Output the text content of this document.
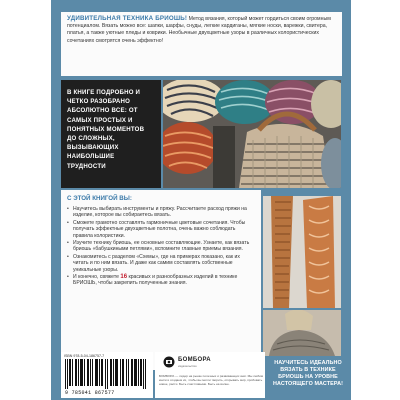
УДИВИТЕЛЬНАЯ ТЕХНИКА БРИОШЬ! Метод вязания, который может гордиться своим огромным потенциалом. Вязать можно все: шапки, шарфы, снуды, легкие кардиганы, мягкие носки, варежки, свитера, платья, а также уютные пледы и коврики. Необычные двухцветные узоры в различных колористических сочетаниях смотрятся очень эффектно!
В КНИГЕ ПОДРОБНО И ЧЕТКО РАЗОБРАНО АБСОЛЮТНО ВСЕ: ОТ САМЫХ ПРОСТЫХ И ПОНЯТНЫХ МОМЕНТОВ ДО СЛОЖНЫХ, ВЫЗЫВАЮЩИХ НАИБОЛЬШИЕ ТРУДНОСТИ
С ЭТОЙ КНИГОЙ ВЫ:
• Научитесь выбирать инструменты и пряжу. Рассчитаете расход пряжи на изделие, которое вы собираетесь вязать.
• Сможете грамотно составлять гармоничные цветовые сочетания. Чтобы получать эффектные двухцветные полотна, очень важно соблюдать правила колористики.
• Изучите технику бриошь, ее основные составляющие. Узнаете, как вязать бриошь «бабушкиными петлями», вспомните главные приемы вязания.
• Ознакомитесь с разделом «Схемы», где на примерах показано, как их читать и по ним вязать. И даже как самим составлять собственные уникальные узоры.
• И конечно, свяжете 16 красивых и разнообразных изделий в технике БРИОШЬ, чтобы закрепить полученные знания.
ISBN 978-5-04-186757-7
9 785041 867577
БОМБОРА
издательство
БОМБОРА — лидер на рынке полезных и развивающих книг. Мы любим книги и создаем их, чтобы вы могли творить, открывать мир, пробовать новое, расти. Быть счастливыми. Быть на волне.
НАУЧИТЕСЬ ИДЕАЛЬНО ВЯЗАТЬ В ТЕХНИКЕ БРИОШЬ НА УРОВНЕ НАСТОЯЩЕГО МАСТЕРА!
